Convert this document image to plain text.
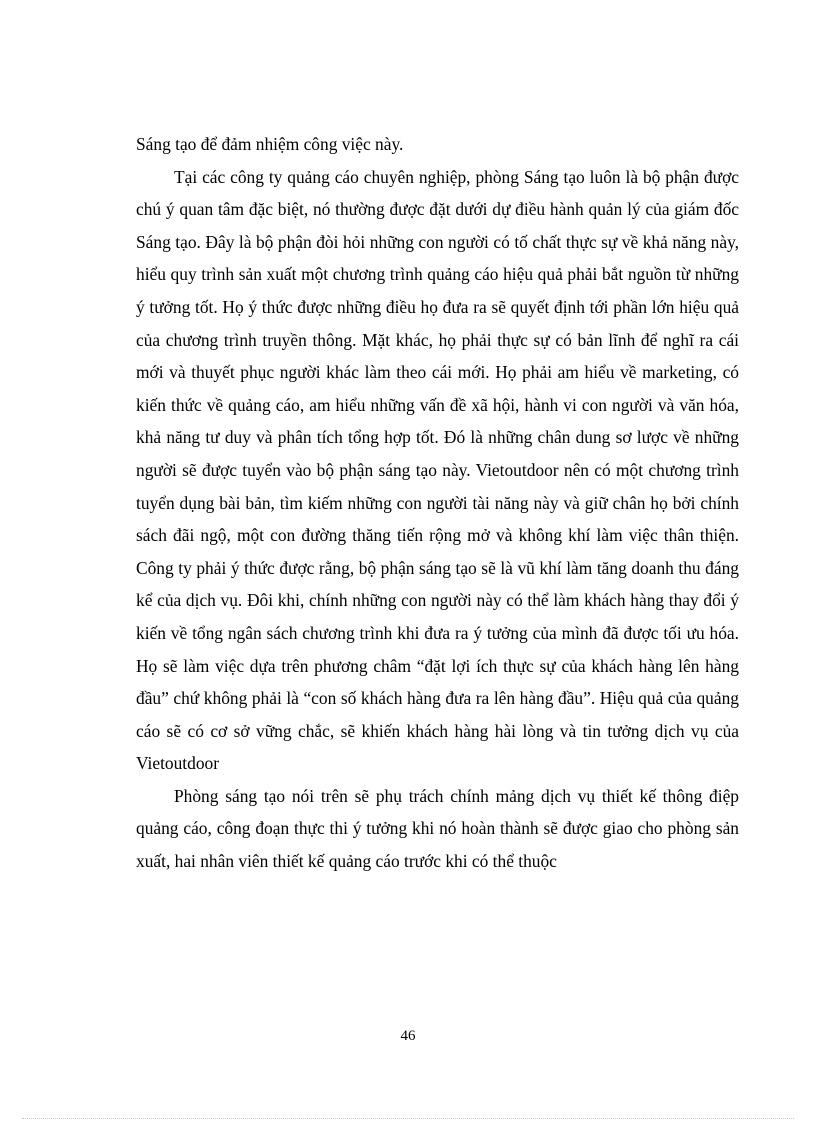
Sáng tạo để đảm nhiệm công việc này.

Tại các công ty quảng cáo chuyên nghiệp, phòng Sáng tạo luôn là bộ phận được chú ý quan tâm đặc biệt, nó thường được đặt dưới dự điều hành quản lý của giám đốc Sáng tạo. Đây là bộ phận đòi hỏi những con người có tố chất thực sự về khả năng này, hiểu quy trình sản xuất một chương trình quảng cáo hiệu quả phải bắt nguồn từ những ý tưởng tốt. Họ ý thức được những điều họ đưa ra sẽ quyết định tới phần lớn hiệu quả của chương trình truyền thông. Mặt khác, họ phải thực sự có bản lĩnh để nghĩ ra cái mới và thuyết phục người khác làm theo cái mới. Họ phải am hiểu về marketing, có kiến thức về quảng cáo, am hiểu những vấn đề xã hội, hành vi con người và văn hóa, khả năng tư duy và phân tích tổng hợp tốt. Đó là những chân dung sơ lược về những người sẽ được tuyển vào bộ phận sáng tạo này. Vietoutdoor nên có một chương trình tuyển dụng bài bản, tìm kiếm những con người tài năng này và giữ chân họ bởi chính sách đãi ngộ, một con đường thăng tiến rộng mở và không khí làm việc thân thiện. Công ty phải ý thức được rằng, bộ phận sáng tạo sẽ là vũ khí làm tăng doanh thu đáng kể của dịch vụ. Đôi khi, chính những con người này có thể làm khách hàng thay đổi ý kiến về tổng ngân sách chương trình khi đưa ra ý tưởng của mình đã được tối ưu hóa. Họ sẽ làm việc dựa trên phương châm “đặt lợi ích thực sự của khách hàng lên hàng đầu” chứ không phải là “con số khách hàng đưa ra lên hàng đầu”. Hiệu quả của quảng cáo sẽ có cơ sở vững chắc, sẽ khiến khách hàng hài lòng và tin tưởng dịch vụ của Vietoutdoor

Phòng sáng tạo nói trên sẽ phụ trách chính mảng dịch vụ thiết kế thông điệp quảng cáo, công đoạn thực thi ý tưởng khi nó hoàn thành sẽ được giao cho phòng sản xuất, hai nhân viên thiết kế quảng cáo trước khi có thể thuộc

46
